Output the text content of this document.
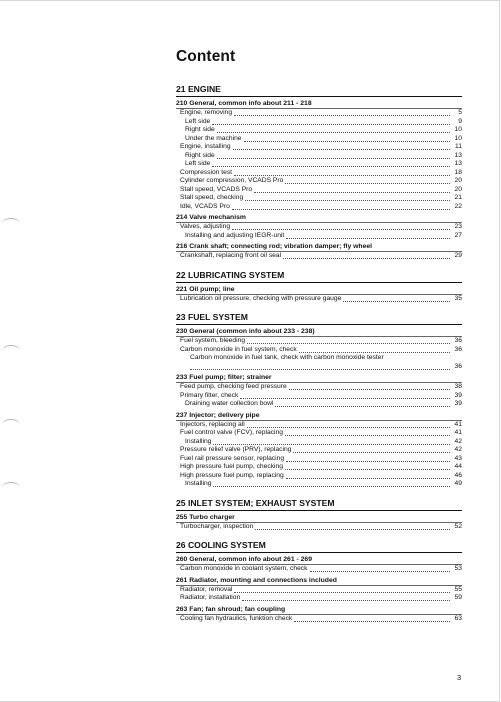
Content
21 ENGINE
210 General, common info about 211 - 218
Engine, removing	5
Left side	9
Right side	10
Under the machine	10
Engine, installing	11
Right side	13
Left side	13
Compression test	18
Cylinder compression, VCADS Pro	20
Stall speed, VCADS Pro	20
Stall speed, checking	21
Idle, VCADS Pro	22
214 Valve mechanism
Valves, adjusting	23
Installing and adjusting IEGR-unit	27
216 Crank shaft; connecting rod; vibration damper; fly wheel
Crankshaft, replacing front oil seal	29
22 LUBRICATING SYSTEM
221 Oil pump; line
Lubrication oil pressure, checking with pressure gauge	35
23 FUEL SYSTEM
230 General (common info about 233 - 238)
Fuel system, bleeding	36
Carbon monoxide in fuel system, check	36
Carbon monoxide in fuel tank, check with carbon monoxide tester
36
233 Fuel pump; filter; strainer
Feed pump, checking feed pressure	38
Primary filter, check	39
Draining water collection bowl	39
237 Injector; delivery pipe
Injectors, replacing all	41
Fuel control valve (FCV), replacing	41
Installing	42
Pressure relief valve (PRV), replacing	42
Fuel rail pressure sensor, replacing	43
High pressure fuel pump, checking	44
High pressure fuel pump, replacing	46
Installing	49
25 INLET SYSTEM; EXHAUST SYSTEM
255 Turbo charger
Turbocharger, inspection	52
26 COOLING SYSTEM
260 General, common info about 261 - 269
Carbon monoxide in coolant system, check	53
261 Radiator, mounting and connections included
Radiator, removal	55
Radiator, installation	59
263 Fan; fan shroud; fan coupling
Cooling fan hydraulics, funktion check	63
3
